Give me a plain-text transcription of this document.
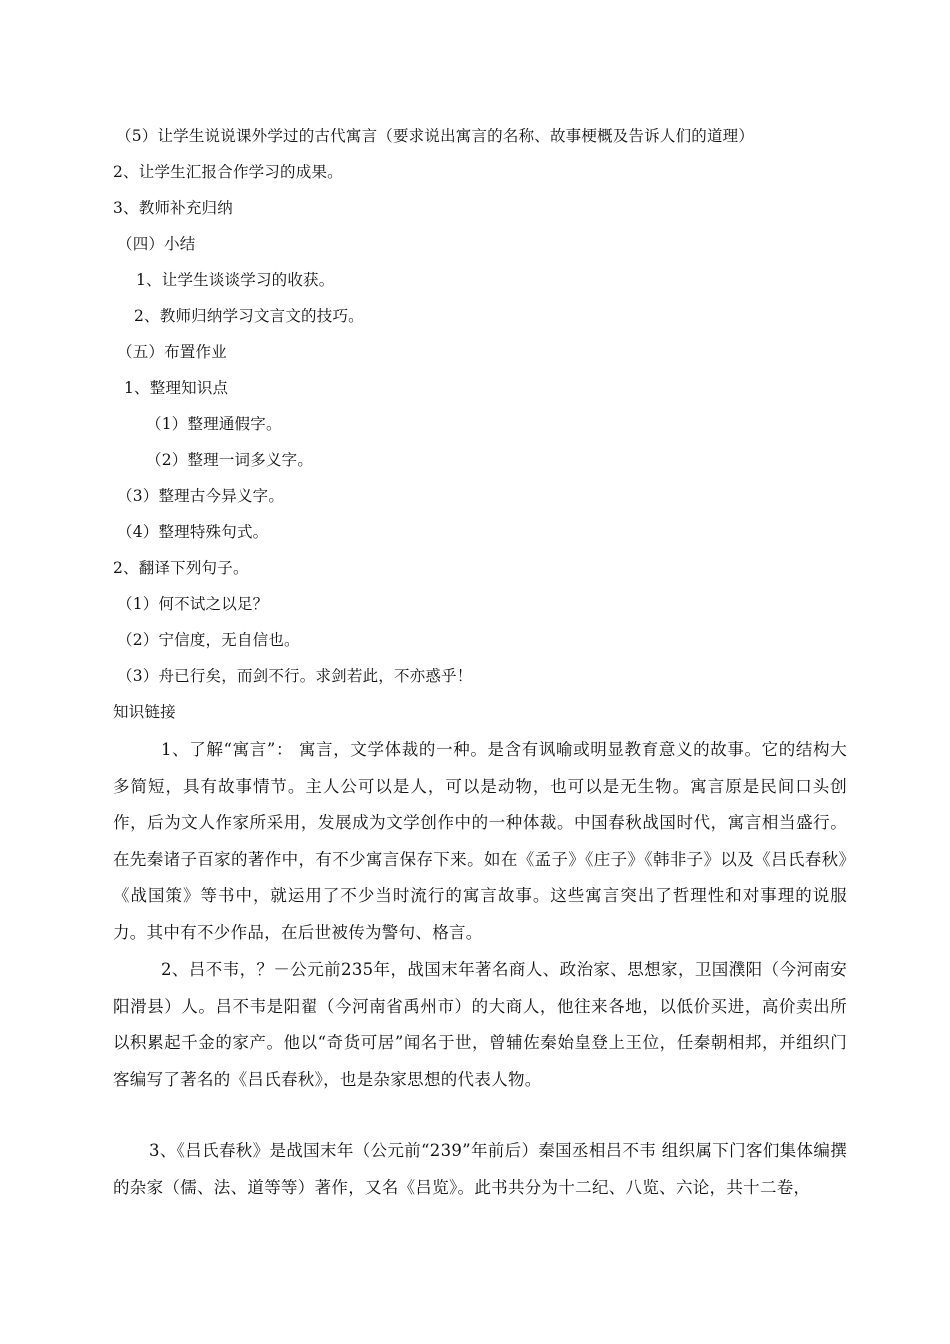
（5）让学生说说课外学过的古代寓言（要求说出寓言的名称、故事梗概及告诉人们的道理）
2、让学生汇报合作学习的成果。
3、教师补充归纳
（四）小结
1、让学生谈谈学习的收获。
2、教师归纳学习文言文的技巧。
（五）布置作业
1、整理知识点
（1）整理通假字。
（2）整理一词多义字。
（3）整理古今异义字。
（4）整理特殊句式。
2、翻译下列句子。
（1）何不试之以足？
（2）宁信度，无自信也。
（3）舟已行矣，而剑不行。求剑若此，不亦惑乎！
知识链接
1、了解“寓言”： 寓言，文学体裁的一种。是含有讽喻或明显教育意义的故事。它的结构大多简短，具有故事情节。主人公可以是人，可以是动物，也可以是无生物。寓言原是民间口头创作，后为文人作家所采用，发展成为文学创作中的一种体裁。中国春秋战国时代，寓言相当盛行。在先秦诸子百家的著作中，有不少寓言保存下来。如在《孟子》《庄子》《韩非子》以及《吕氏春秋》《战国策》等书中，就运用了不少当时流行的寓言故事。这些寓言突出了哲理性和对事理的说服力。其中有不少作品，在后世被传为警句、格言。
2、吕不韦，？－公元前235年，战国末年著名商人、政治家、思想家，卫国濮阳（今河南安阳滑县）人。吕不韦是阳翟（今河南省禹州市）的大商人，他往来各地，以低价买进，高价卖出所以积累起千金的家产。他以“奇货可居”闻名于世，曾辅佐秦始皇登上王位，任秦朝相邦，并组织门客编写了著名的《吕氏春秋》，也是杂家思想的代表人物。
3、《吕氏春秋》是战国末年（公元前“239”年前后）秦国丞相吕不韦 组织属下门客们集体编撰的杂家（儒、法、道等等）著作，又名《吕览》。此书共分为十二纪、八览、六论，共十二卷，
